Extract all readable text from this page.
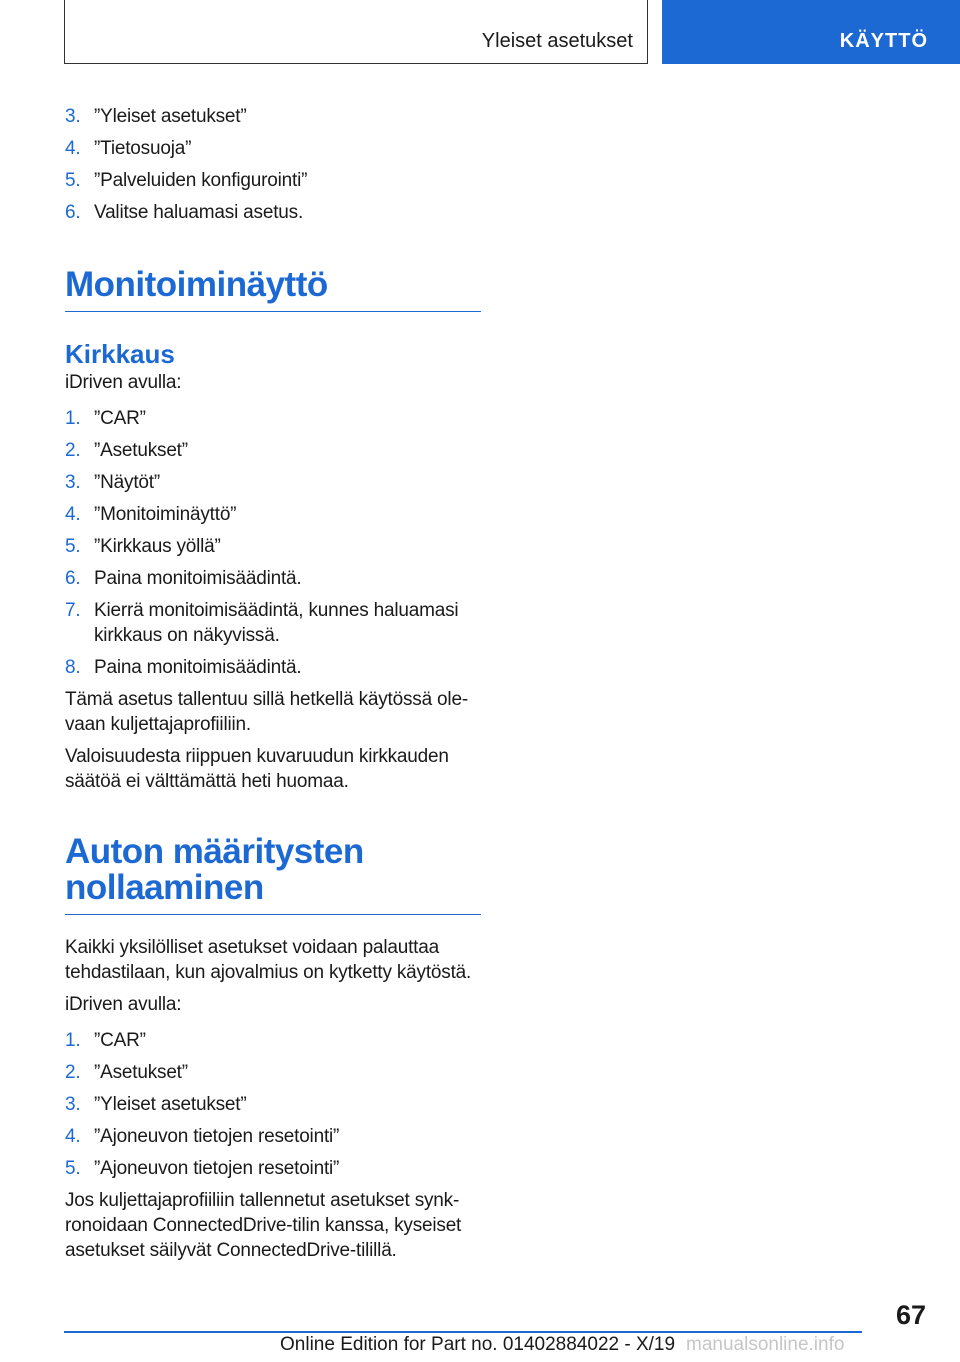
Yleiset asetukset	KÄYTTÖ
3. ”Yleiset asetukset”
4. ”Tietosuoja”
5. ”Palveluiden konfigurointi”
6. Valitse haluamasi asetus.
Monitoiminäyttö
Kirkkaus

iDriven avulla:

1. ”CAR”
2. ”Asetukset”
3. ”Näytöt”
4. ”Monitoiminäyttö”
5. ”Kirkkaus yöllä”
6. Paina monitoimisäädintä.
7. Kierrä monitoimisäädintä, kunnes haluamasi kirkkaus on näkyvissä.
8. Paina monitoimisäädintä.

Tämä asetus tallentuu sillä hetkellä käytössä olevaan kuljettajaprofiiliin.

Valoisuudesta riippuen kuvaruudun kirkkauden säätöä ei välttämättä heti huomaa.

Auton määritysten nollaaminen

Kaikki yksilölliset asetukset voidaan palauttaa tehdastilaan, kun ajovalmius on kytketty käytöstä.

iDriven avulla:

1. ”CAR”
2. ”Asetukset”
3. ”Yleiset asetukset”
4. ”Ajoneuvon tietojen resetointi”
5. ”Ajoneuvon tietojen resetointi”

Jos kuljettajaprofiiliin tallennetut asetukset synkronoidaan ConnectedDrive-tilin kanssa, kyseiset asetukset säilyvät ConnectedDrive-tilillä.

67
Online Edition for Part no. 01402884022 - X/19 manualsonline.info
